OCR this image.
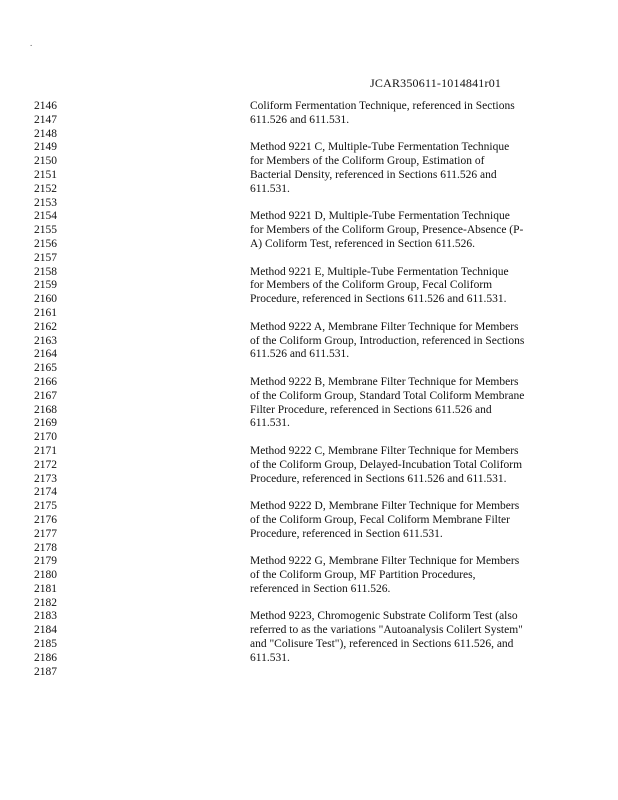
.
JCAR350611-1014841r01
2146
2147
2148
2149
2150
2151
2152
2153
2154
2155
2156
2157
2158
2159
2160
2161
2162
2163
2164
2165
2166
2167
2168
2169
2170
2171
2172
2173
2174
2175
2176
2177
2178
2179
2180
2181
2182
2183
2184
2185
2186
2187
Coliform Fermentation Technique, referenced in Sections
611.526 and 611.531.
Method 9221 C, Multiple-Tube Fermentation Technique
for Members of the Coliform Group, Estimation of
Bacterial Density, referenced in Sections 611.526 and
611.531.
Method 9221 D, Multiple-Tube Fermentation Technique
for Members of the Coliform Group, Presence-Absence (P-
A) Coliform Test, referenced in Section 611.526.
Method 9221 E, Multiple-Tube Fermentation Technique
for Members of the Coliform Group, Fecal Coliform
Procedure, referenced in Sections 611.526 and 611.531.
Method 9222 A, Membrane Filter Technique for Members
of the Coliform Group, Introduction, referenced in Sections
611.526 and 611.531.
Method 9222 B, Membrane Filter Technique for Members
of the Coliform Group, Standard Total Coliform Membrane
Filter Procedure, referenced in Sections 611.526 and
611.531.
Method 9222 C, Membrane Filter Technique for Members
of the Coliform Group, Delayed-Incubation Total Coliform
Procedure, referenced in Sections 611.526 and 611.531.
Method 9222 D, Membrane Filter Technique for Members
of the Coliform Group, Fecal Coliform Membrane Filter
Procedure, referenced in Section 611.531.
Method 9222 G, Membrane Filter Technique for Members
of the Coliform Group, MF Partition Procedures,
referenced in Section 611.526.
Method 9223, Chromogenic Substrate Coliform Test (also
referred to as the variations "Autoanalysis Colilert System"
and "Colisure Test"), referenced in Sections 611.526, and
611.531.
